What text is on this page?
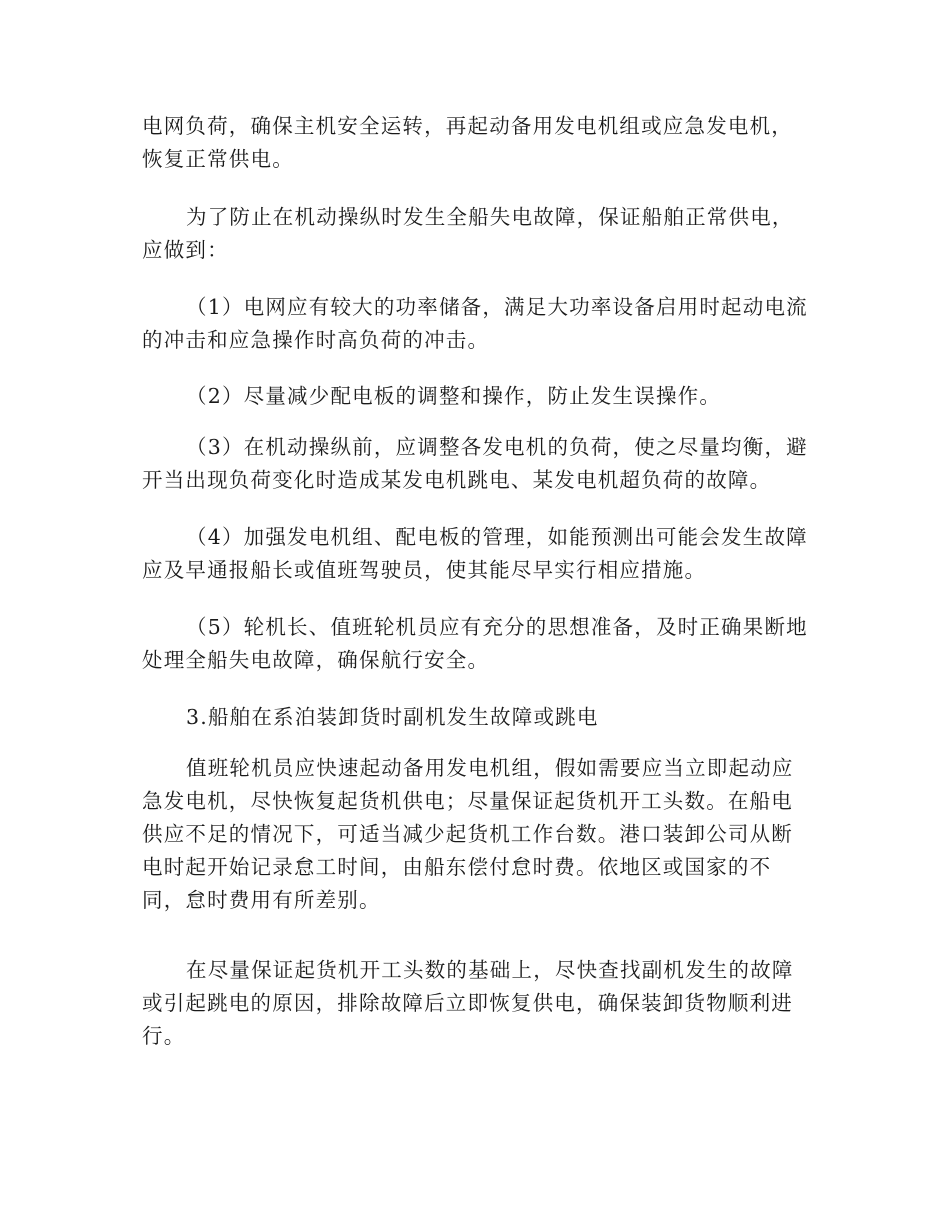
电网负荷，确保主机安全运转，再起动备用发电机组或应急发电机，
恢复正常供电。

为了防止在机动操纵时发生全船失电故障，保证船舶正常供电，
应做到：

（1）电网应有较大的功率储备，满足大功率设备启用时起动电流
的冲击和应急操作时高负荷的冲击。

（2）尽量减少配电板的调整和操作，防止发生误操作。

（3）在机动操纵前，应调整各发电机的负荷，使之尽量均衡，避
开当出现负荷变化时造成某发电机跳电、某发电机超负荷的故障。

（4）加强发电机组、配电板的管理，如能预测出可能会发生故障
应及早通报船长或值班驾驶员，使其能尽早实行相应措施。

（5）轮机长、值班轮机员应有充分的思想准备，及时正确果断地
处理全船失电故障，确保航行安全。

3.船舶在系泊装卸货时副机发生故障或跳电

值班轮机员应快速起动备用发电机组，假如需要应当立即起动应
急发电机，尽快恢复起货机供电；尽量保证起货机开工头数。在船电
供应不足的情况下，可适当减少起货机工作台数。港口装卸公司从断
电时起开始记录怠工时间，由船东偿付怠时费。依地区或国家的不
同，怠时费用有所差别。

在尽量保证起货机开工头数的基础上，尽快查找副机发生的故障
或引起跳电的原因，排除故障后立即恢复供电，确保装卸货物顺利进
行。
